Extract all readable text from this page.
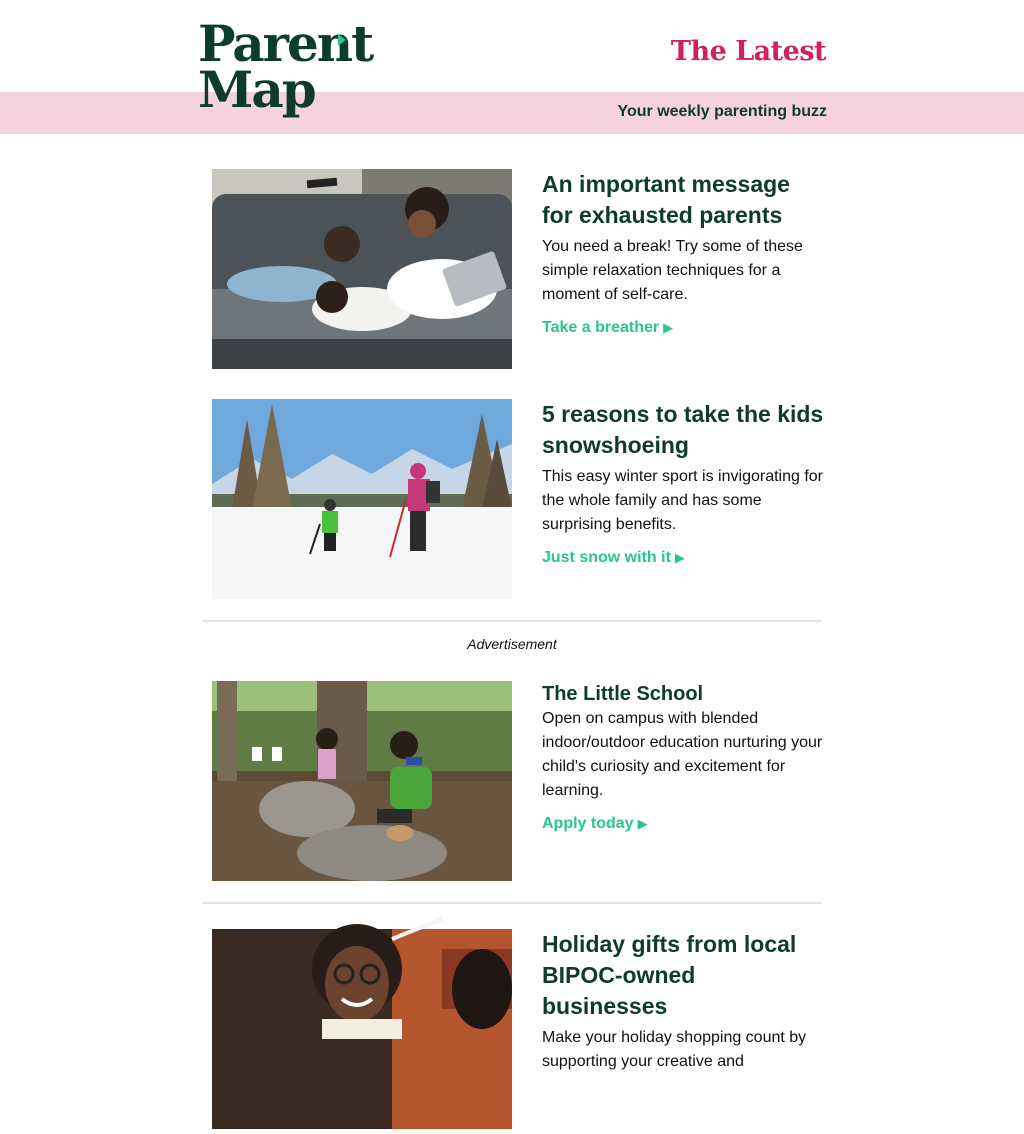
Parent
Map
The Latest
Your weekly parenting buzz
An important message for exhausted parents
You need a break! Try some of these simple relaxation techniques for a moment of self-care.
Take a breather ▶
5 reasons to take the kids snowshoeing
This easy winter sport is invigorating for the whole family and has some surprising benefits.
Just snow with it ▶
Advertisement
The Little School
Open on campus with blended indoor/outdoor education nurturing your child's curiosity and excitement for learning.
Apply today ▶
Holiday gifts from local BIPOC-owned businesses
Make your holiday shopping count by supporting your creative and
